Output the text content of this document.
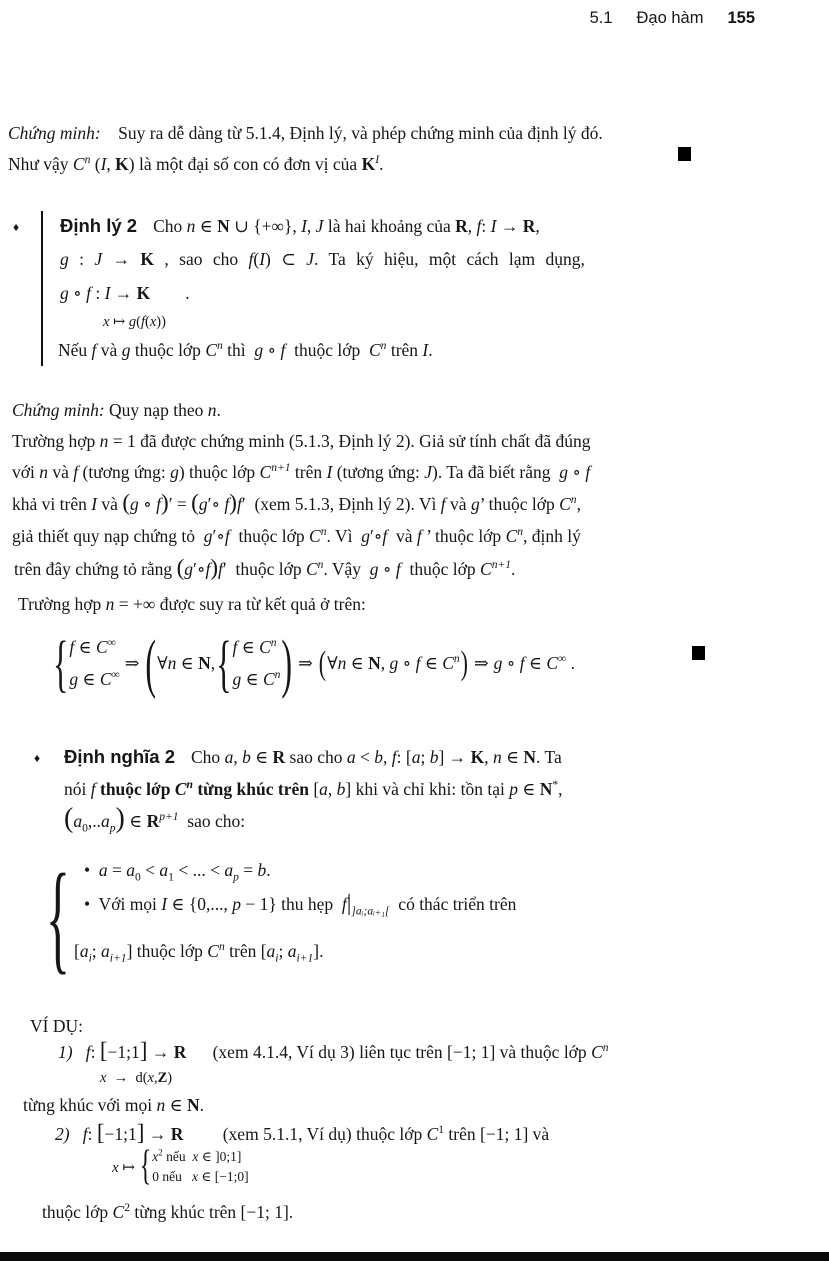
5.1 Đạo hàm 155
Chứng minh:    Suy ra dễ dàng từ 5.1.4, Định lý, và phép chứng minh của định lý đó.
Như vậy $C^n$ (I, K) là một đại số con có đơn vị của $K^I$.
♦ Định lý 2 Cho n ∈ N ∪ {+∞}, I, J là hai khoảng của R, f: I → R,
g : J → K , sao cho f(I) ⊂ J. Ta ký hiệu, một cách lạm dụng,
g ∘ f : I → K        .
x ↦ g(f(x))
Nếu f và g thuộc lớp $C^n$ thì  g ∘ f  thuộc lớp  $C^n$ trên I.
Chứng minh: Quy nạp theo n.
Trường hợp n = 1 đã được chứng minh (5.1.3, Định lý 2). Giả sử tính chất đã đúng
với n và f (tương ứng: g) thuộc lớp $C^{n+1}$ trên I (tương ứng: J). Ta đã biết rằng  g ∘ f
khả vi trên I và (g ∘ f)′ = (g′∘ f)f′  (xem 5.1.3, Định lý 2). Vì f và g’ thuộc lớp $C^n$,
giả thiết quy nạp chứng tỏ  g′∘f  thuộc lớp $C^n$. Vì  g′∘f  và f ’ thuộc lớp $C^n$, định lý
trên đây chứng tỏ rằng (g′∘f)f′  thuộc lớp $C^n$. Vậy  g ∘ f  thuộc lớp $C^{n+1}$.
Trường hợp n = +∞ được suy ra từ kết quả ở trên:
{ f ∈ C∞
g ∈ C∞
⇒ ( ∀n ∈ N, { f ∈ $C^n$
g ∈ $C^n$ ) ⇒ ( ∀n ∈ N, g ∘ f ∈ $C^n$ ) ⇒ g ∘ f ∈ C∞ .
♦ Định nghĩa 2 Cho a, b ∈ R sao cho a < b, f: [a; b] → K, n ∈ N. Ta
nói f thuộc lớp $C^n$ từng khúc trên [a, b] khi và chỉ khi: tồn tại p ∈ N*,
$(a_0,..a_p)$ ∈ $R^{p+1}$  sao cho:
{ •  $a = a_0 < a_1$ < ... < $a_p = b$.
•  Với mọi I ∈ {0,..., p − 1} thu hẹp  $f|_{]aᵢ;aᵢ_{+1}[}$  có thác triển trên
[$a_i$; $a_{i+1}$] thuộc lớp $C^n$ trên [$a_i$; $a_{i+1}$].
VÍ DỤ:
1)   f: [−1;1] → R      (xem 4.1.4, Ví dụ 3) liên tục trên [−1; 1] và thuộc lớp $C^n$
x  →  d(x,Z)
từng khúc với mọi n ∈ N.
2)   f: [−1;1] → R         (xem 5.1.1, Ví dụ) thuộc lớp $C^1$ trên [−1; 1] và
x ↦ { $x^2$ nếu  x ∈ ]0;1]
0 nếu   x ∈ [−1;0]
thuộc lớp $C^2$ từng khúc trên [−1; 1].
